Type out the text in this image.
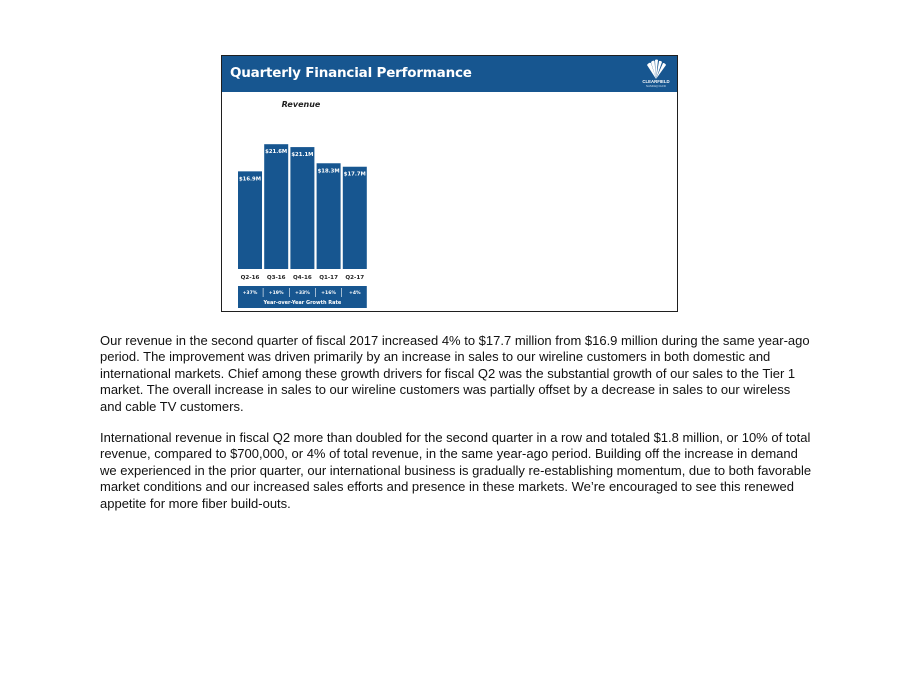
Quarterly Financial Performance
CLEARFIELD
NASDAQ:CLFD
Revenue
$16.9M
$21.6M $21.1M
$18.3M
$17.7M
Q2-16 Q3-16 Q4-16 Q1-17 Q2-17
Year-over-Year Growth Rate
+37% +19% +33% +16%	+4%
Our revenue in the second quarter of fiscal 2017 increased 4% to $17.7 million from $16.9 million during the same year-ago period. The improvement was driven primarily by an increase in sales to our wireline customers in both domestic and international markets. Chief among these growth drivers for fiscal Q2 was the substantial growth of our sales to the Tier 1 market. The overall increase in sales to our wireline customers was partially offset by a decrease in sales to our wireless and cable TV customers.
International revenue in fiscal Q2 more than doubled for the second quarter in a row and totaled $1.8 million, or 10% of total revenue, compared to $700,000, or 4% of total revenue, in the same year-ago period. Building off the increase in demand we experienced in the prior quarter, our international business is gradually re-establishing momentum, due to both favorable market conditions and our increased sales efforts and presence in these markets. We’re encouraged to see this renewed appetite for more fiber build-outs.
